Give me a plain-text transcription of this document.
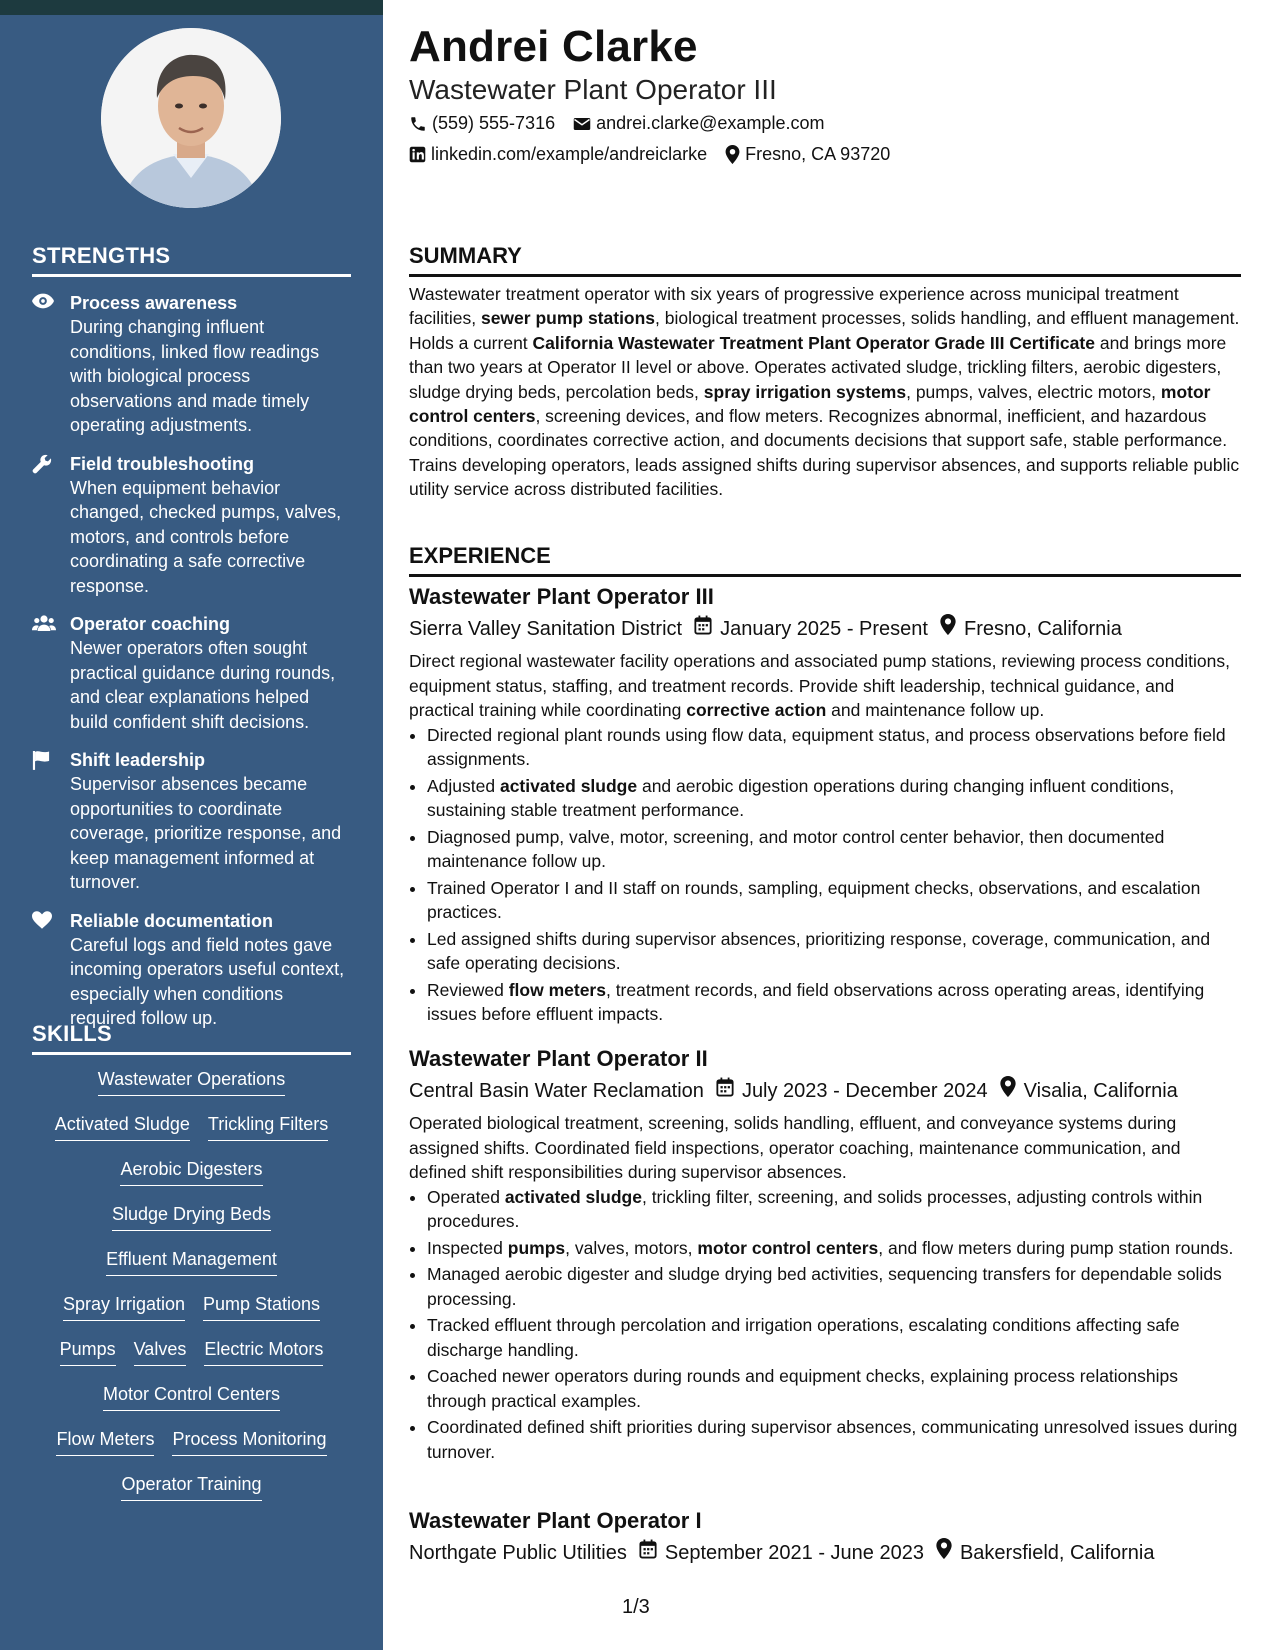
STRENGTHS
Process awareness
During changing influent conditions, linked flow readings with biological process observations and made timely operating adjustments.
Field troubleshooting
When equipment behavior changed, checked pumps, valves, motors, and controls before coordinating a safe corrective response.
Operator coaching
Newer operators often sought practical guidance during rounds, and clear explanations helped build confident shift decisions.
Shift leadership
Supervisor absences became opportunities to coordinate coverage, prioritize response, and keep management informed at turnover.
Reliable documentation
Careful logs and field notes gave incoming operators useful context, especially when conditions required follow up.
SKILLS
Wastewater Operations
Activated Sludge Trickling Filters
Aerobic Digesters
Sludge Drying Beds
Effluent Management
Spray Irrigation Pump Stations
Pumps Valves Electric Motors
Motor Control Centers
Flow Meters Process Monitoring
Operator Training
Andrei Clarke
Wastewater Plant Operator III
(559) 555-7316 andrei.clarke@example.com
linkedin.com/example/andreiclarke Fresno, CA 93720
SUMMARY

Wastewater treatment operator with six years of progressive experience across municipal treatment facilities, sewer pump stations, biological treatment processes, solids handling, and effluent management. Holds a current California Wastewater Treatment Plant Operator Grade III Certificate and brings more than two years at Operator II level or above. Operates activated sludge, trickling filters, aerobic digesters, sludge drying beds, percolation beds, spray irrigation systems, pumps, valves, electric motors, motor control centers, screening devices, and flow meters. Recognizes abnormal, inefficient, and hazardous conditions, coordinates corrective action, and documents decisions that support safe, stable performance. Trains developing operators, leads assigned shifts during supervisor absences, and supports reliable public utility service across distributed facilities.

EXPERIENCE
Wastewater Plant Operator III
Sierra Valley Sanitation District January 2025 - Present Fresno, California

Direct regional wastewater facility operations and associated pump stations, reviewing process conditions, equipment status, staffing, and treatment records. Provide shift leadership, technical guidance, and practical training while coordinating corrective action and maintenance follow up.

• Directed regional plant rounds using flow data, equipment status, and process observations before field assignments.
• Adjusted activated sludge and aerobic digestion operations during changing influent conditions, sustaining stable treatment performance.
• Diagnosed pump, valve, motor, screening, and motor control center behavior, then documented maintenance follow up.
• Trained Operator I and II staff on rounds, sampling, equipment checks, observations, and escalation practices.
• Led assigned shifts during supervisor absences, prioritizing response, coverage, communication, and safe operating decisions.
• Reviewed flow meters, treatment records, and field observations across operating areas, identifying issues before effluent impacts.
Wastewater Plant Operator II
Central Basin Water Reclamation July 2023 - December 2024 Visalia, California

Operated biological treatment, screening, solids handling, effluent, and conveyance systems during assigned shifts. Coordinated field inspections, operator coaching, maintenance communication, and defined shift responsibilities during supervisor absences.

• Operated activated sludge, trickling filter, screening, and solids processes, adjusting controls within procedures.
• Inspected pumps, valves, motors, motor control centers, and flow meters during pump station rounds.
• Managed aerobic digester and sludge drying bed activities, sequencing transfers for dependable solids processing.
• Tracked effluent through percolation and irrigation operations, escalating conditions affecting safe discharge handling.
• Coached newer operators during rounds and equipment checks, explaining process relationships through practical examples.
• Coordinated defined shift priorities during supervisor absences, communicating unresolved issues during turnover.
Wastewater Plant Operator I
Northgate Public Utilities September 2021 - June 2023 Bakersfield, California
1/3
